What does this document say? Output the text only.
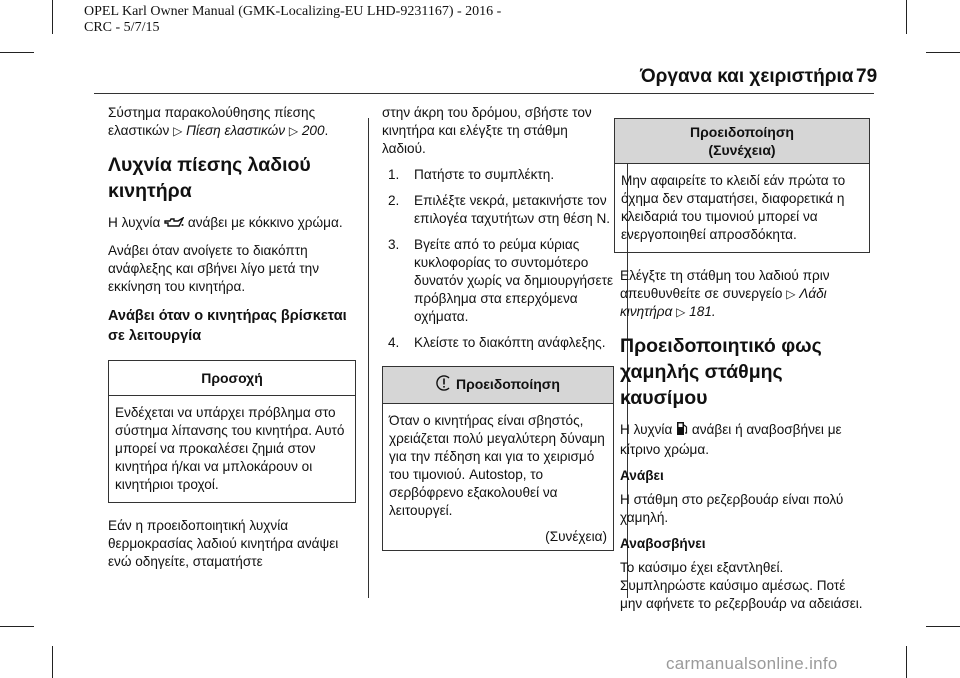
OPEL Karl Owner Manual (GMK-Localizing-EU LHD-9231167) - 2016 -
CRC - 5/7/15
Όργανα και χειριστήρια 79

Σύστημα παρακολούθησης πίεσης ελαστικών ▷ Πίεση ελαστικών ▷ 200.

Λυχνία πίεσης λαδιού κινητήρα

Η λυχνία ανάβει με κόκκινο χρώμα.

Ανάβει όταν ανοίγετε το διακόπτη ανάφλεξης και σβήνει λίγο μετά την εκκίνηση του κινητήρα.

Ανάβει όταν ο κινητήρας βρίσκεται σε λειτουργία
Προσοχή
Ενδέχεται να υπάρχει πρόβλημα στο σύστημα λίπανσης του κινητήρα. Αυτό μπορεί να προκαλέσει ζημιά στον κινητήρα ή/και να μπλοκάρουν οι κινητήριοι τροχοί.

Εάν η προειδοποιητική λυχνία θερμοκρασίας λαδιού κινητήρα ανάψει ενώ οδηγείτε, σταματήστε

στην άκρη του δρόμου, σβήστε τον κινητήρα και ελέγξτε τη στάθμη λαδιού.

1.	Πατήστε το συμπλέκτη.
2.	Επιλέξτε νεκρά, μετακινήστε τον επιλογέα ταχυτήτων στη θέση N.
3.	Βγείτε από το ρεύμα κύριας κυκλοφορίας το συντομότερο δυνατόν χωρίς να δημιουργήσετε πρόβλημα στα επερχόμενα οχήματα.
4.	Κλείστε το διακόπτη ανάφλεξης.
Προειδοποίηση
Όταν ο κινητήρας είναι σβηστός, χρειάζεται πολύ μεγαλύτερη δύναμη για την πέδηση και για το χειρισμό του τιμονιού. Autostop, το σερβόφρενο εξακολουθεί να λειτουργεί.
(Συνέχεια)
Προειδοποίηση
(Συνέχεια)
Μην αφαιρείτε το κλειδί εάν πρώτα το όχημα δεν σταματήσει, διαφορετικά η κλειδαριά του τιμονιού μπορεί να ενεργοποιηθεί απροσδόκητα.

Ελέγξτε τη στάθμη του λαδιού πριν απευθυνθείτε σε συνεργείο ▷ Λάδι κινητήρα ▷ 181.

Προειδοποιητικό φως χαμηλής στάθμης καυσίμου

Η λυχνία ανάβει ή αναβοσβήνει με κίτρινο χρώμα.

Ανάβει

Η στάθμη στο ρεζερβουάρ είναι πολύ χαμηλή.

Αναβοσβήνει

Το καύσιμο έχει εξαντληθεί. Συμπληρώστε καύσιμο αμέσως. Ποτέ μην αφήνετε το ρεζερβουάρ να αδειάσει.

carmanualsonline.info
